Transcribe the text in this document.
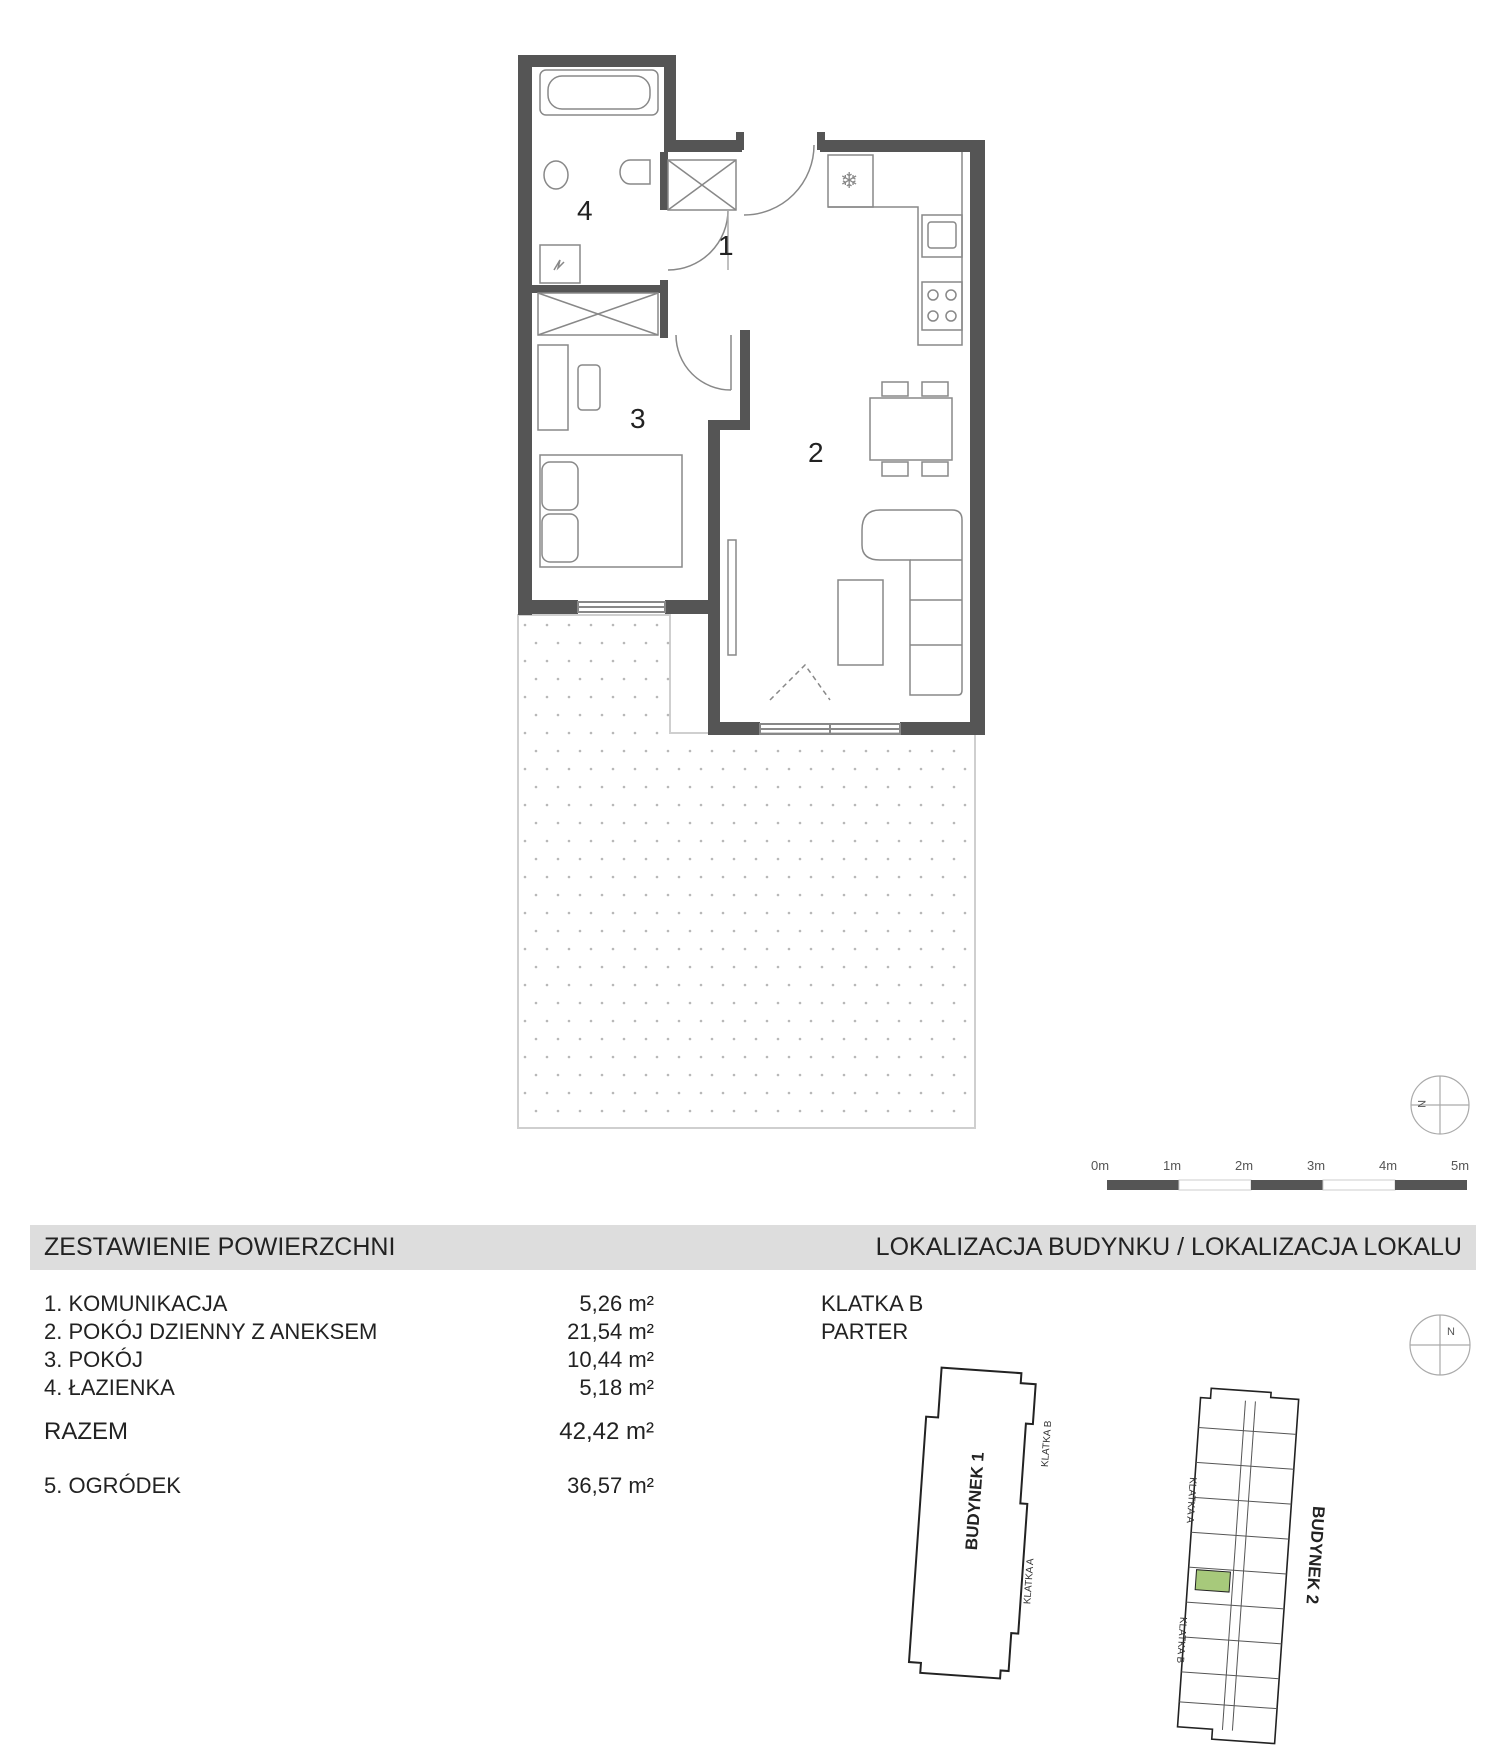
❄
1
2
3
4
N
0m	1m	2m	3m	4m	5m
ZESTAWIENIE POWIERZCHNI	LOKALIZACJA BUDYNKU / LOKALIZACJA LOKALU
1. KOMUNIKACJA	5,26 m²
2. POKÓJ DZIENNY Z ANEKSEM	21,54 m²
3. POKÓJ	10,44 m²
4. ŁAZIENKA	5,18 m²
RAZEM	42,42 m²
5. OGRÓDEK	36,57 m²
KLATKA B
PARTER	N
BUDYNEK 1
KLATKA B
KLATKA A	BUDYNEK 2
KLATKA A
KLATKA B
